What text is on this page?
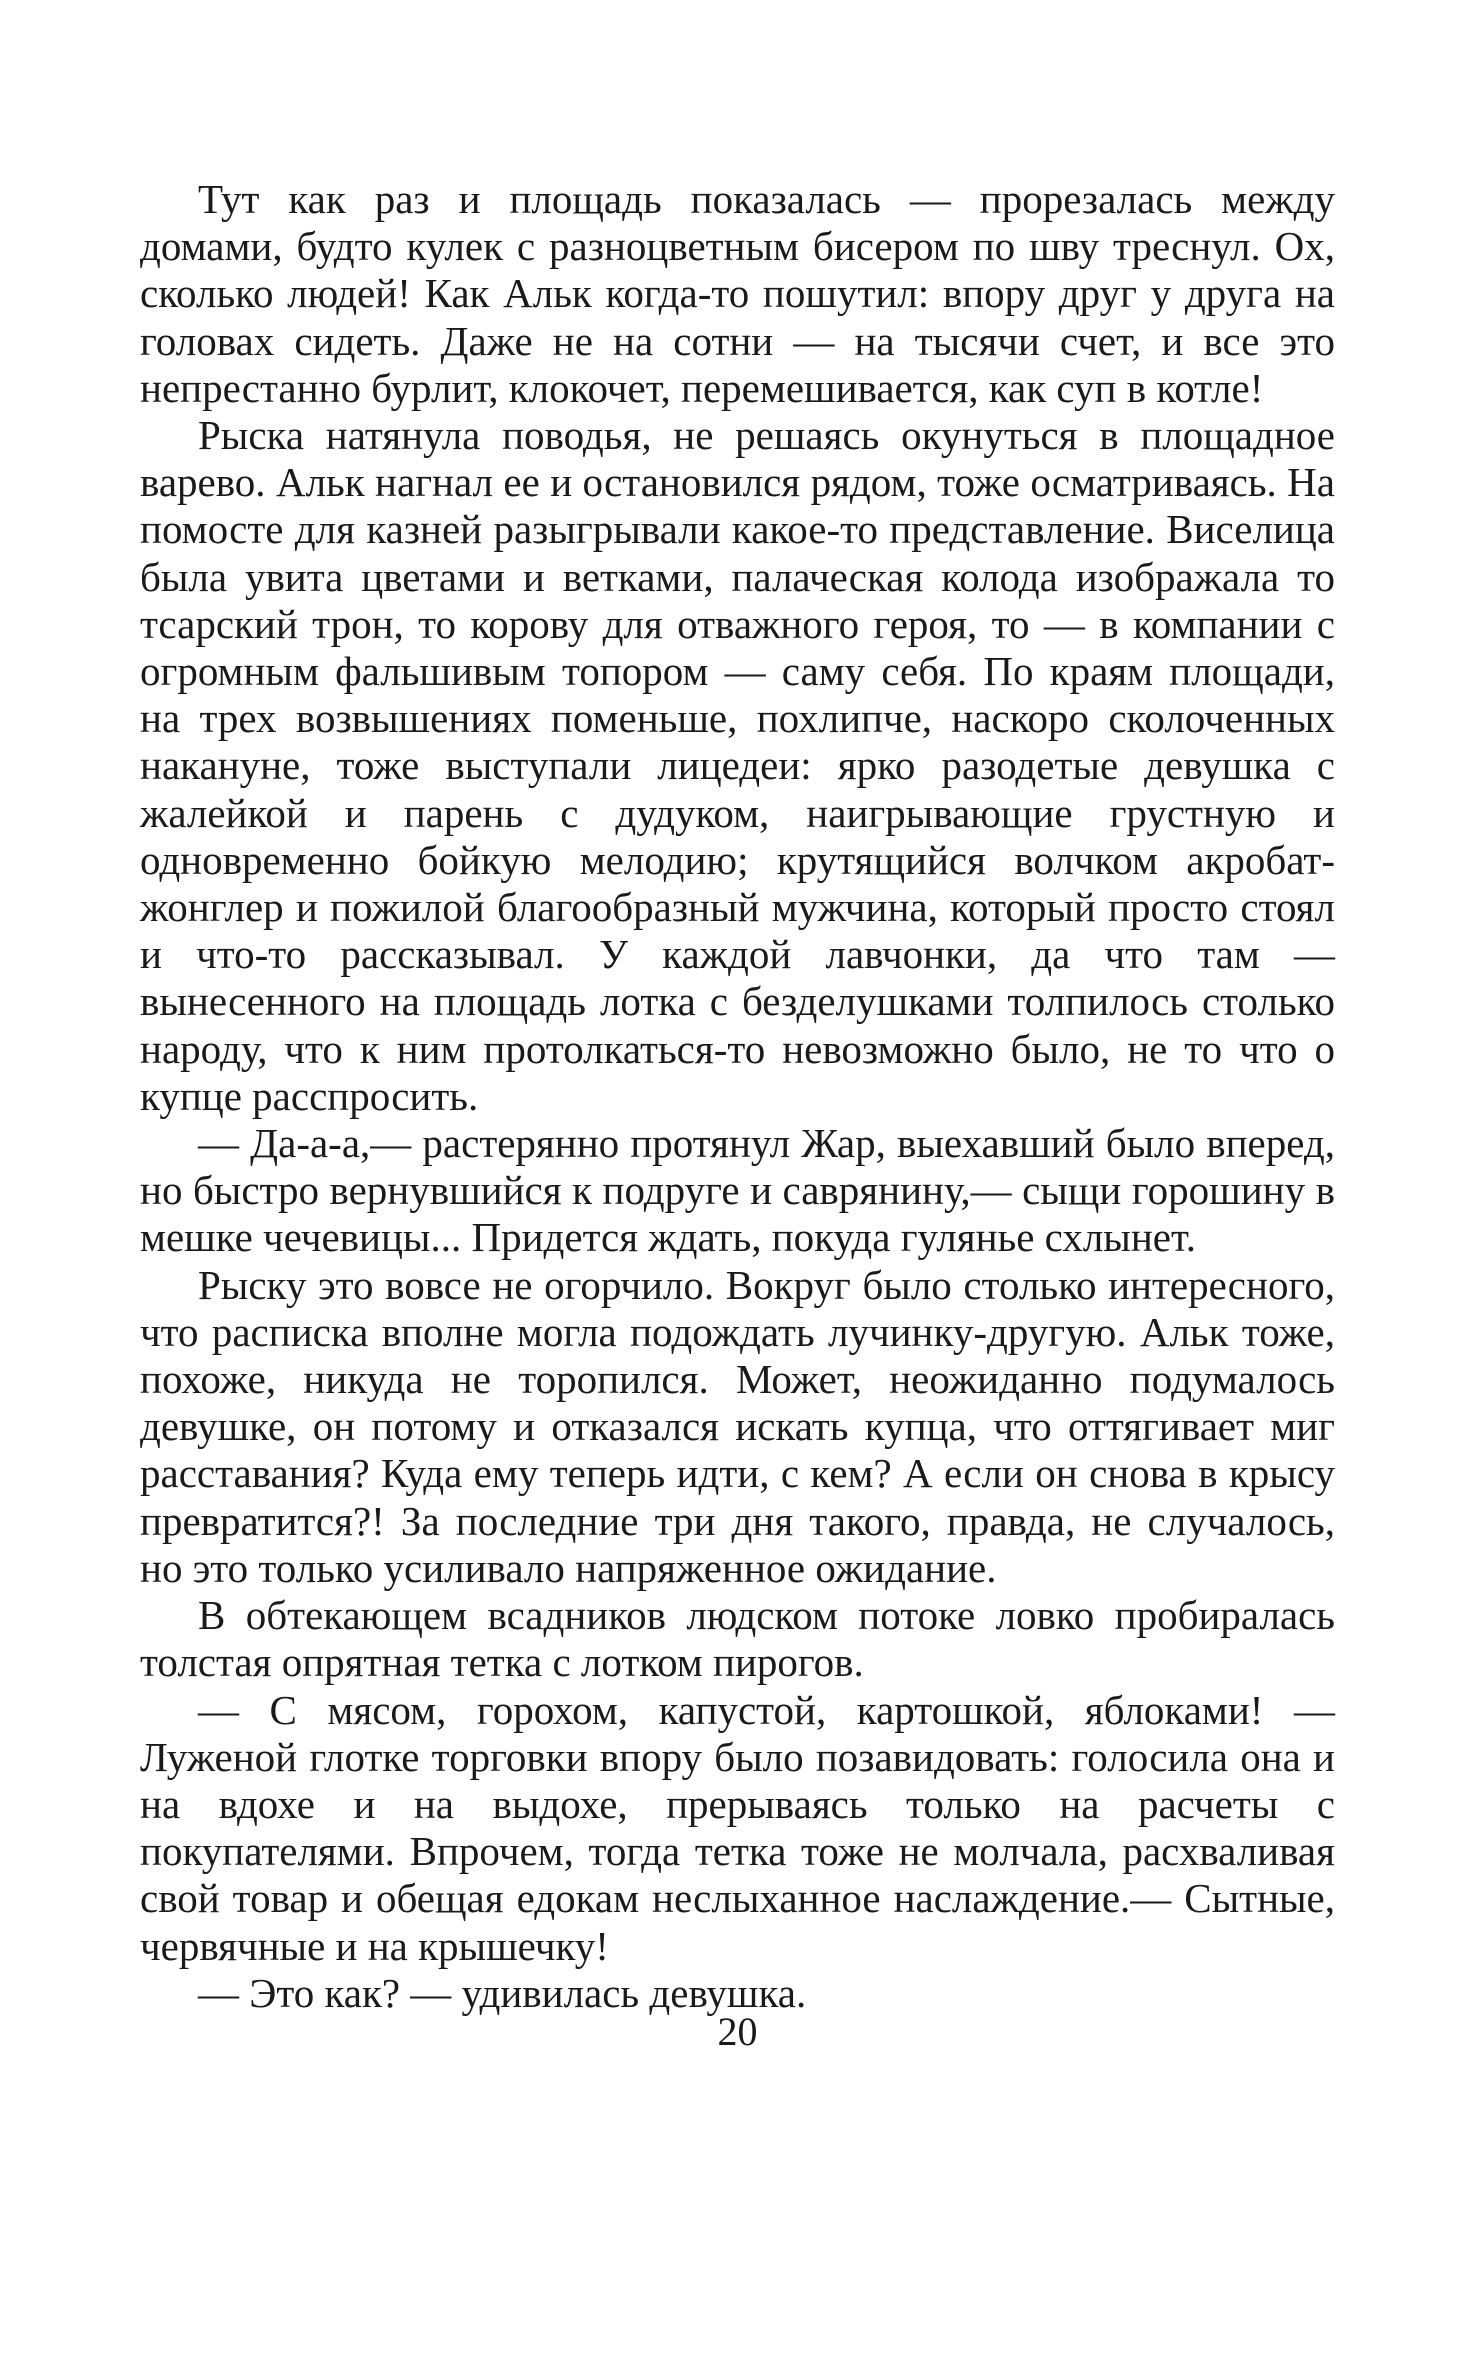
Тут как раз и площадь показалась — прорезалась между домами, будто кулек с разноцветным бисером по шву треснул. Ох, сколько людей! Как Альк когда-то пошутил: впору друг у друга на головах сидеть. Даже не на сотни — на тысячи счет, и все это непрестанно бурлит, клокочет, перемешивается, как суп в котле!

Рыска натянула поводья, не решаясь окунуться в площадное варево. Альк нагнал ее и остановился рядом, тоже осматриваясь. На помосте для казней разыгрывали какое-то представление. Виселица была увита цветами и ветками, палаческая колода изображала то тсарский трон, то корову для отважного героя, то — в компании с огромным фальшивым топором — саму себя. По краям площади, на трех возвышениях поменьше, похлипче, наскоро сколоченных накануне, тоже выступали лицедеи: ярко разодетые девушка с жалейкой и парень с дудуком, наигрывающие грустную и одновременно бойкую мелодию; крутящийся волчком акробат-жонглер и пожилой благообразный мужчина, который просто стоял и что-то рассказывал. У каждой лавчонки, да что там — вынесенного на площадь лотка с безделушками толпилось столько народу, что к ним протолкаться-то невозможно было, не то что о купце расспросить.

— Да-а-а,— растерянно протянул Жар, выехавший было вперед, но быстро вернувшийся к подруге и саврянину,— сыщи горошину в мешке чечевицы... Придется ждать, покуда гулянье схлынет.

Рыску это вовсе не огорчило. Вокруг было столько интересного, что расписка вполне могла подождать лучинку-другую. Альк тоже, похоже, никуда не торопился. Может, неожиданно подумалось девушке, он потому и отказался искать купца, что оттягивает миг расставания? Куда ему теперь идти, с кем? А если он снова в крысу превратится?! За последние три дня такого, правда, не случалось, но это только усиливало напряженное ожидание.

В обтекающем всадников людском потоке ловко пробиралась толстая опрятная тетка с лотком пирогов.

— С мясом, горохом, капустой, картошкой, яблоками! — Луженой глотке торговки впору было позавидовать: голосила она и на вдохе и на выдохе, прерываясь только на расчеты с покупателями. Впрочем, тогда тетка тоже не молчала, расхваливая свой товар и обещая едокам неслыханное наслаждение.— Сытные, червячные и на крышечку!

— Это как? — удивилась девушка.

20
